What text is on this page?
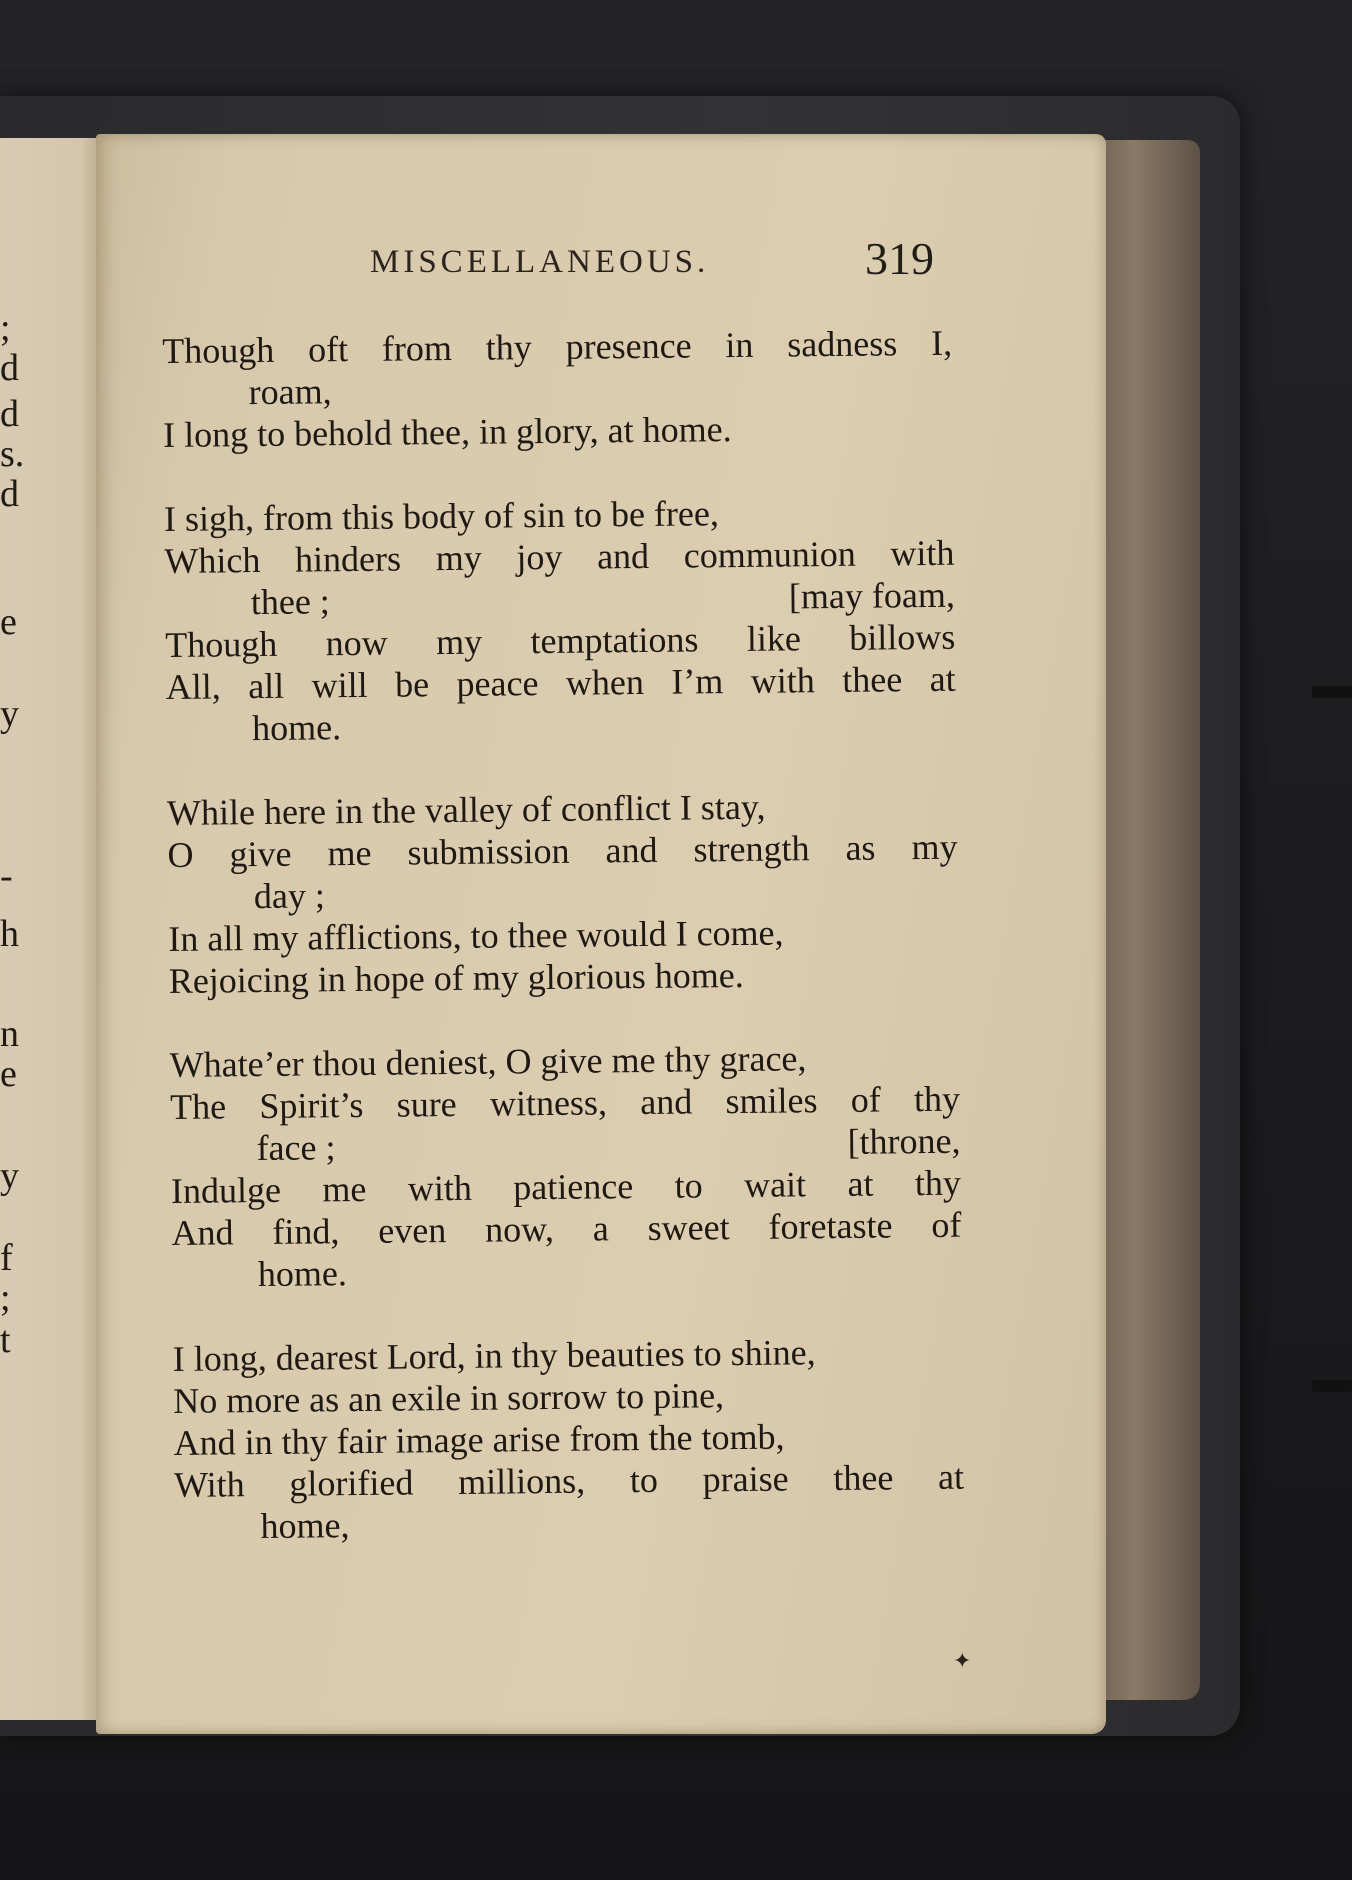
;
d
d
s.
d
e
y
-
h
n
e
y
f
;
t
MISCELLANEOUS.	319
Though oft from thy presence in sadness I,
roam,
I long to behold thee, in glory, at home.
I sigh, from this body of sin to be free,
Which hinders my joy and communion with
thee ;	[may foam,
Though now my temptations like billows
All, all will be peace when I’m with thee at
home.
While here in the valley of conflict I stay,
O give me submission and strength as my
day ;
In all my afflictions, to thee would I come,
Rejoicing in hope of my glorious home.
Whate’er thou deniest, O give me thy grace,
The Spirit’s sure witness, and smiles of thy
face ;	[throne,
Indulge me with patience to wait at thy
And find, even now, a sweet foretaste of
home.
I long, dearest Lord, in thy beauties to shine,
No more as an exile in sorrow to pine,
And in thy fair image arise from the tomb,
With glorified millions, to praise thee at
home,
✦
